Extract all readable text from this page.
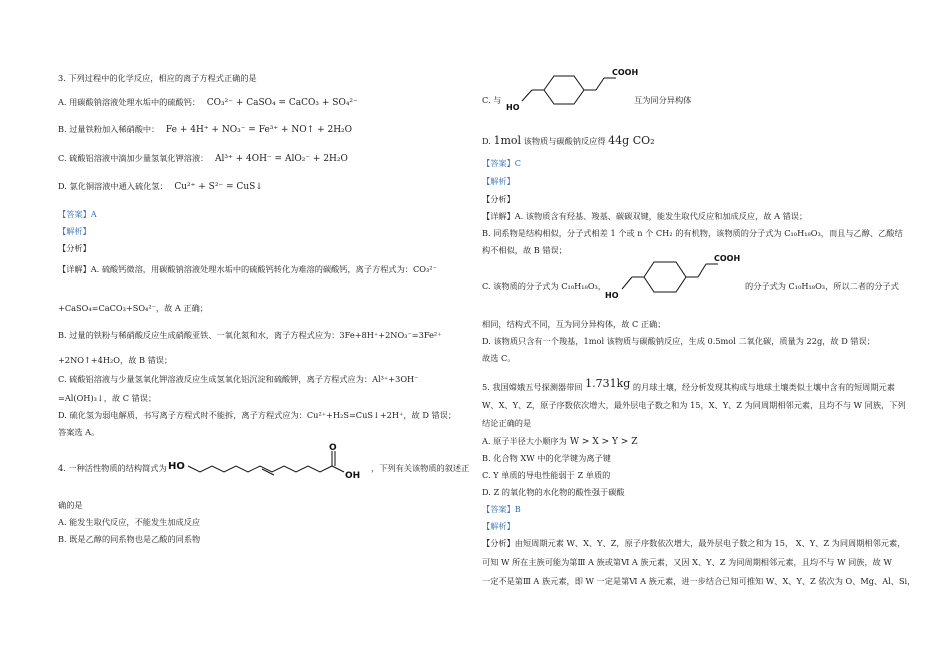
3. 下列过程中的化学反应，相应的离子方程式正确的是
A. 用碳酸钠溶液处理水垢中的硫酸钙： CO₃²⁻ + CaSO₄ = CaCO₃ + SO₄²⁻
B. 过量铁粉加入稀硝酸中： Fe + 4H⁺ + NO₃⁻ = Fe³⁺ + NO↑ + 2H₂O
C. 硫酸铝溶液中滴加少量氢氧化钾溶液： Al³⁺ + 4OH⁻ = AlO₂⁻ + 2H₂O
D. 氯化铜溶液中通入硫化氢： Cu²⁺ + S²⁻ = CuS↓
【答案】A
【解析】
【分析】
【详解】A. 硫酸钙微溶，用碳酸钠溶液处理水垢中的硫酸钙转化为难溶的碳酸钙，离子方程式为：CO₃²⁻
+CaSO₄=CaCO₃+SO₄²⁻，故 A 正确；
B. 过量的铁粉与稀硝酸反应生成硝酸亚铁、一氧化氮和水，离子方程式应为：3Fe+8H⁺+2NO₃⁻=3Fe²⁺
+2NO↑+4H₂O，故 B 错误；
C. 硫酸铝溶液与少量氢氧化钾溶液反应生成氢氧化铝沉淀和硫酸钾，离子方程式应为：Al³⁺+3OH⁻
=Al(OH)₃↓，故 C 错误；
D. 硫化氢为弱电解质，书写离子方程式时不能拆，离子方程式应为：Cu²⁺+H₂S=CuS↓+2H⁺，故 D 错误；
答案选 A。
4. 一种活性物质的结构简式为 HO
O
OH
，下列有关该物质的叙述正
确的是
A. 能发生取代反应，不能发生加成反应
B. 既是乙醇的同系物也是乙酸的同系物
C. 与
HO
COOH
互为同分异构体
D. 1mol 该物质与碳酸钠反应得 44g CO₂
【答案】C
【解析】
【分析】
【详解】A. 该物质含有羟基、羧基、碳碳双键，能发生取代反应和加成反应，故 A 错误；
B. 同系物是结构相似，分子式相差 1 个或 n 个 CH₂ 的有机物，该物质的分子式为 C₁₀H₁₈O₃，而且与乙醇、乙酸结
构不相似，故 B 错误；
C. 该物质的分子式为 C₁₀H₁₈O₃，
HO
COOH
的分子式为 C₁₀H₁₈O₃，所以二者的分子式
相同，结构式不同，互为同分异构体，故 C 正确；
D. 该物质只含有一个羧基，1mol 该物质与碳酸钠反应，生成 0.5mol 二氧化碳，质量为 22g，故 D 错误；
故选 C。
5. 我国嫦娥五号探测器带回 1.731kg 的月球土壤，经分析发现其构成与地球土壤类似土壤中含有的短周期元素
W、X、Y、Z，原子序数依次增大，最外层电子数之和为 15，X、Y、Z 为同周期相邻元素，且均不与 W 同族，下列
结论正确的是
A. 原子半径大小顺序为 W > X > Y > Z
B. 化合物 XW 中的化学键为离子键
C. Y 单质的导电性能弱于 Z 单质的
D. Z 的氧化物的水化物的酸性强于碳酸
【答案】B
【解析】
【分析】由短周期元素 W、X、Y、Z，原子序数依次增大，最外层电子数之和为 15， X、Y、Z 为同周期相邻元素，
可知 W 所在主族可能为第Ⅲ A 族或第Ⅵ A 族元素，又因 X、Y、Z 为同周期相邻元素，且均不与 W 同族，故 W
一定不是第Ⅲ A 族元素，即 W 一定是第Ⅵ A 族元素，进一步结合已知可推知 W、X、Y、Z 依次为 O、Mg、Al、Si，
